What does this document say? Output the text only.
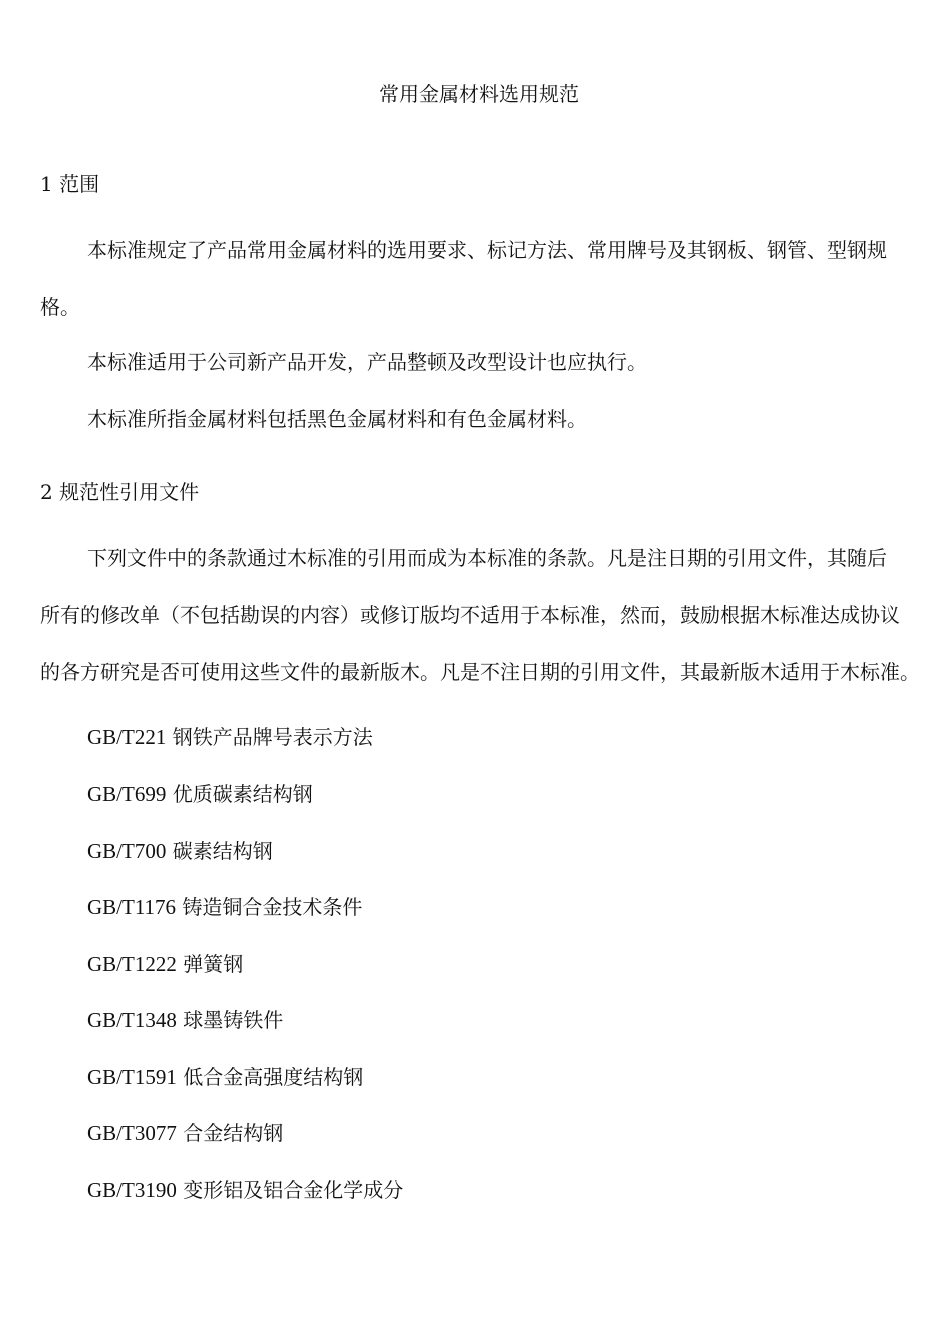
常用金属材料选用规范
1 范围
本标准规定了产品常用金属材料的选用要求、标记方法、常用牌号及其钢板、钢管、型钢规
格。
本标准适用于公司新产品开发，产品整顿及改型设计也应执行。
木标准所指金属材料包括黑色金属材料和有色金属材料。
2 规范性引用文件
下列文件中的条款通过木标准的引用而成为本标准的条款。凡是注日期的引用文件，其随后
所有的修改单（不包括勘误的内容）或修订版均不适用于本标准，然而，鼓励根据木标准达成协议
的各方研究是否可使用这些文件的最新版木。凡是不注日期的引用文件，其最新版木适用于木标准。
GB/T221 钢铁产品牌号表示方法
GB/T699 优质碳素结构钢
GB/T700 碳素结构钢
GB/T1176 铸造铜合金技术条件
GB/T1222 弹簧钢
GB/T1348 球墨铸铁件
GB/T1591 低合金高强度结构钢
GB/T3077 合金结构钢
GB/T3190 变形铝及铝合金化学成分
